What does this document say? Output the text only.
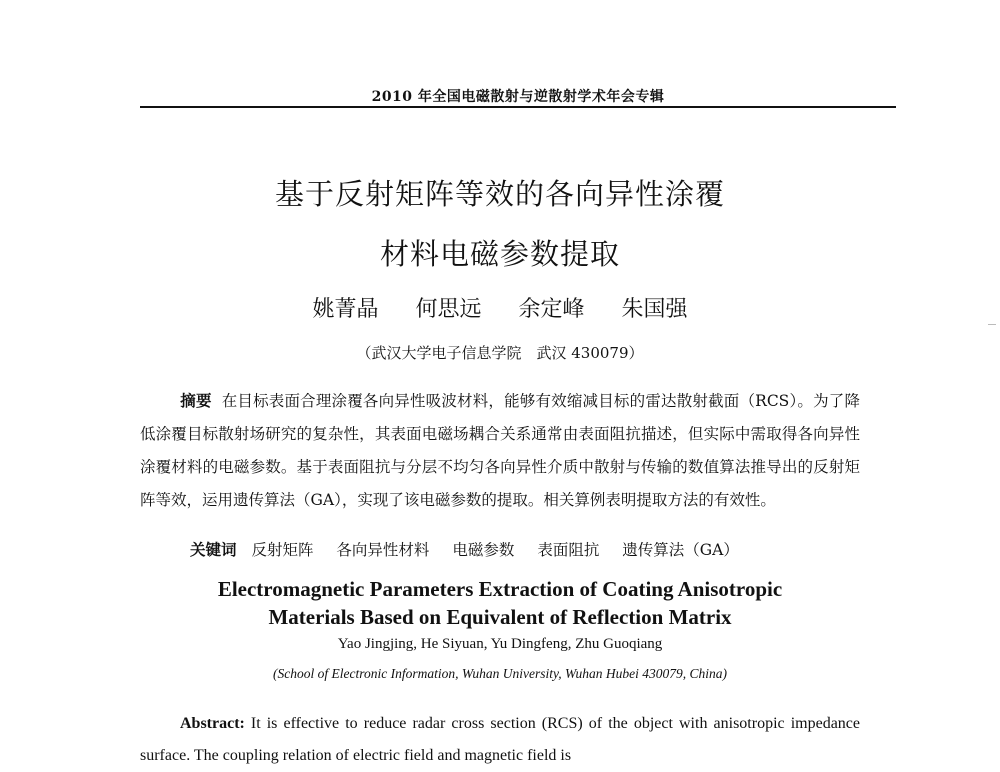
2010 年全国电磁散射与逆散射学术年会专辑
基于反射矩阵等效的各向异性涂覆
材料电磁参数提取
姚菁晶 何思远 余定峰 朱国强
（武汉大学电子信息学院　武汉 430079）
摘要 在目标表面合理涂覆各向异性吸波材料，能够有效缩减目标的雷达散射截面（RCS）。为了降低涂覆目标散射场研究的复杂性，其表面电磁场耦合关系通常由表面阻抗描述，但实际中需取得各向异性涂覆材料的电磁参数。基于表面阻抗与分层不均匀各向异性介质中散射与传输的数值算法推导出的反射矩阵等效，运用遗传算法（GA），实现了该电磁参数的提取。相关算例表明提取方法的有效性。
关键词 反射矩阵 各向异性材料 电磁参数 表面阻抗 遗传算法（GA）
Electromagnetic Parameters Extraction of Coating Anisotropic
Materials Based on Equivalent of Reflection Matrix
Yao Jingjing, He Siyuan, Yu Dingfeng, Zhu Guoqiang
(School of Electronic Information, Wuhan University, Wuhan Hubei 430079, China)
Abstract: It is effective to reduce radar cross section (RCS) of the object with anisotropic impedance surface. The coupling relation of electric field and magnetic field is
